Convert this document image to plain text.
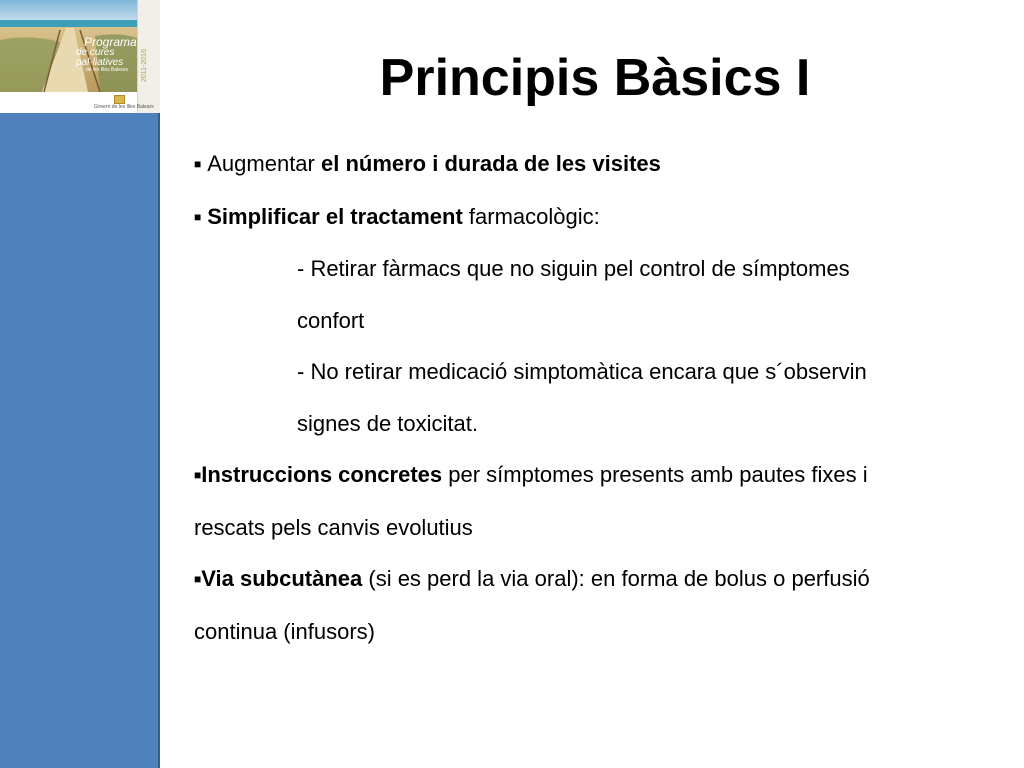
Programa
de cures pal·liatives
de les Illes Balears	2011-2016
Govern de les Illes Balears	Principis Bàsics I

■ Augmentar el número i durada de les visites

■ Simplificar el tractament farmacològic:

- Retirar fàrmacs que no siguin pel control de símptomes

confort

- No retirar medicació simptomàtica encara que s´observin

signes de toxicitat.

■Instruccions concretes per símptomes presents amb pautes fixes i

rescats pels canvis evolutius

■Via subcutànea (si es perd la via oral): en forma de bolus o perfusió

continua (infusors)
